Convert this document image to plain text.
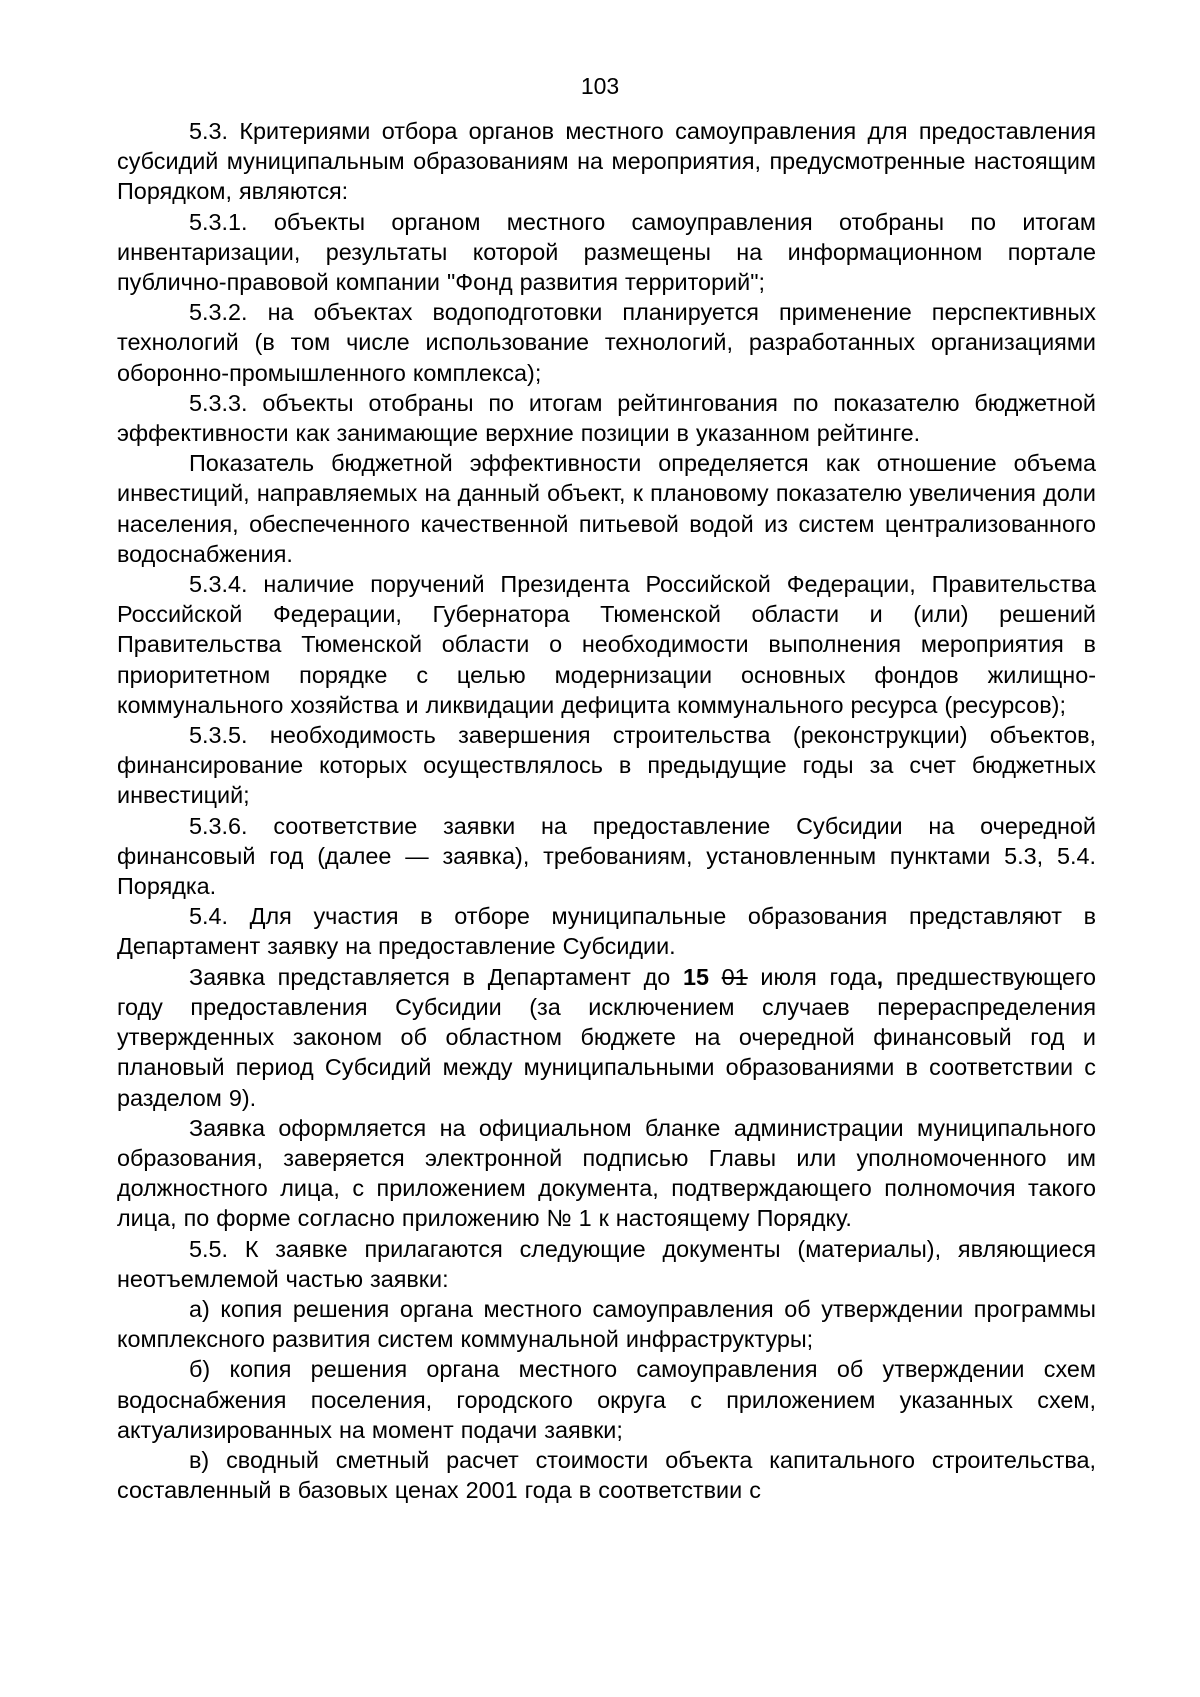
103

5.3. Критериями отбора органов местного самоуправления для предоставления субсидий муниципальным образованиям на мероприятия, предусмотренные настоящим Порядком, являются:

5.3.1. объекты органом местного самоуправления отобраны по итогам инвентаризации, результаты которой размещены на информационном портале публично-правовой компании "Фонд развития территорий";

5.3.2. на объектах водоподготовки планируется применение перспективных технологий (в том числе использование технологий, разработанных организациями оборонно-промышленного комплекса);

5.3.3. объекты отобраны по итогам рейтингования по показателю бюджетной эффективности как занимающие верхние позиции в указанном рейтинге.

Показатель бюджетной эффективности определяется как отношение объема инвестиций, направляемых на данный объект, к плановому показателю увеличения доли населения, обеспеченного качественной питьевой водой из систем централизованного водоснабжения.

5.3.4. наличие поручений Президента Российской Федерации, Правительства Российской Федерации, Губернатора Тюменской области и (или) решений Правительства Тюменской области о необходимости выполнения мероприятия в приоритетном порядке с целью модернизации основных фондов жилищно-коммунального хозяйства и ликвидации дефицита коммунального ресурса (ресурсов);

5.3.5. необходимость завершения строительства (реконструкции) объектов, финансирование которых осуществлялось в предыдущие годы за счет бюджетных инвестиций;

5.3.6. соответствие заявки на предоставление Субсидии на очередной финансовый год (далее — заявка), требованиям, установленным пунктами 5.3, 5.4. Порядка.

5.4. Для участия в отборе муниципальные образования представляют в Департамент заявку на предоставление Субсидии.

Заявка представляется в Департамент до 15 01 июля года, предшествующего году предоставления Субсидии (за исключением случаев перераспределения утвержденных законом об областном бюджете на очередной финансовый год и плановый период Субсидий между муниципальными образованиями в соответствии с разделом 9).

Заявка оформляется на официальном бланке администрации муниципального образования, заверяется электронной подписью Главы или уполномоченного им должностного лица, с приложением документа, подтверждающего полномочия такого лица, по форме согласно приложению № 1 к настоящему Порядку.

5.5. К заявке прилагаются следующие документы (материалы), являющиеся неотъемлемой частью заявки:

а) копия решения органа местного самоуправления об утверждении программы комплексного развития систем коммунальной инфраструктуры;

б) копия решения органа местного самоуправления об утверждении схем водоснабжения поселения, городского округа с приложением указанных схем, актуализированных на момент подачи заявки;

в) сводный сметный расчет стоимости объекта капитального строительства, составленный в базовых ценах 2001 года в соответствии с
